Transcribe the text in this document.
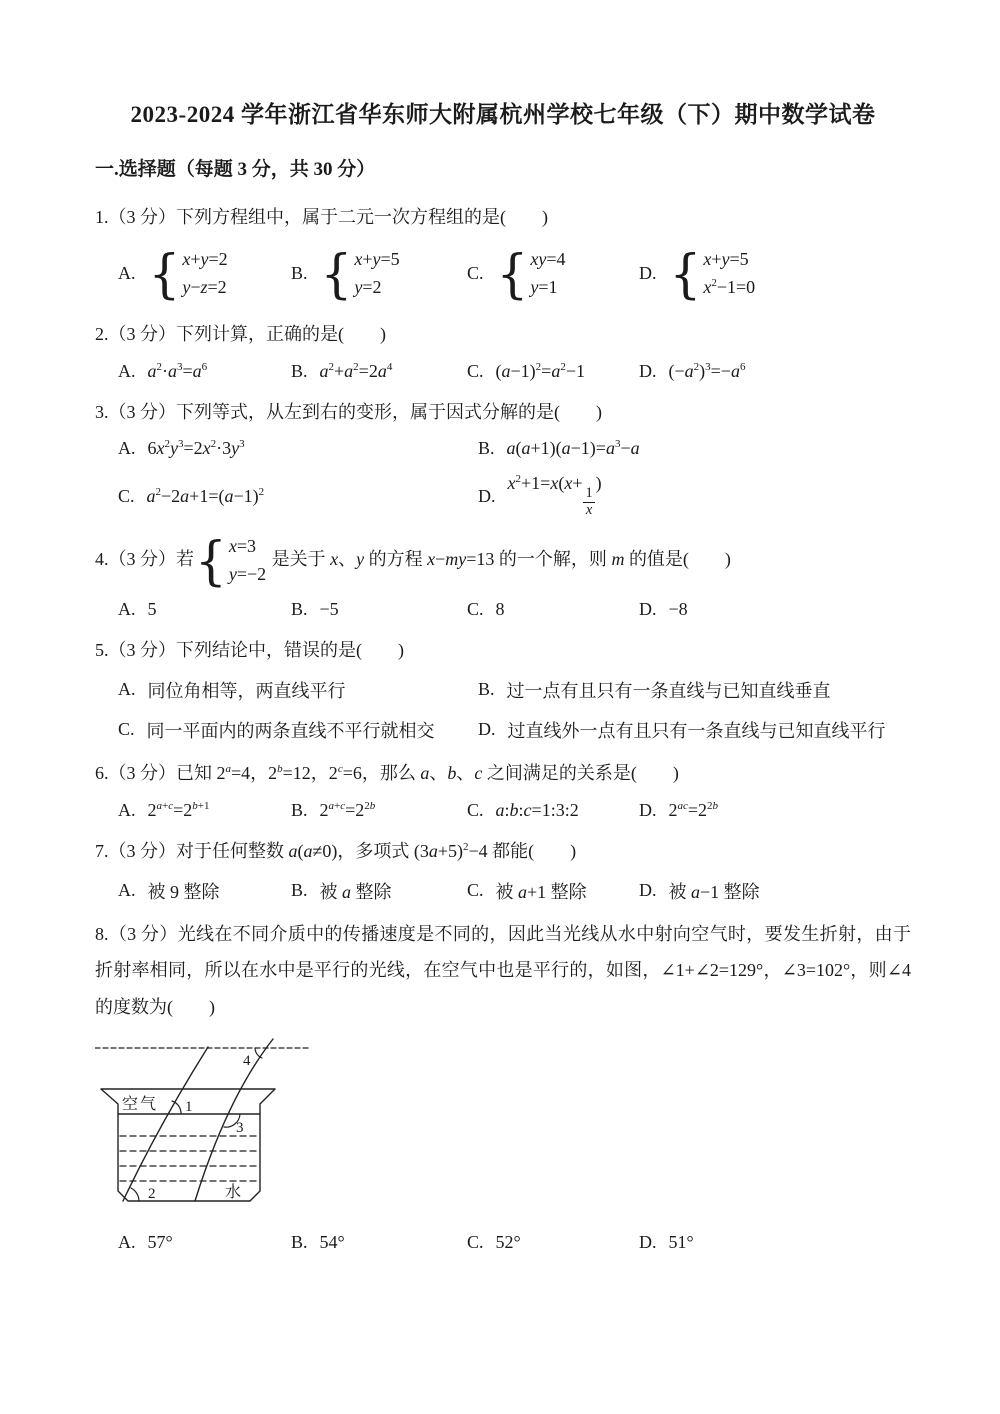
2023-2024 学年浙江省华东师大附属杭州学校七年级（下）期中数学试卷
一.选择题（每题 3 分，共 30 分）
1.（3 分）下列方程组中，属于二元一次方程组的是(　　)
A. { x+y=2
y−z=2
B. { x+y=5
y=2
C. { xy=4
y=1
D. { x+y=5
$x^2-1=0$
2.（3 分）下列计算，正确的是(　　)
A. $a^2\cdot a^3=a^6$	B. $a^2+a^2=2a^4$	C. $(a-1)^2=a^2-1$	D. $(-a^2)^3=-a^6$
3.（3 分）下列等式，从左到右的变形，属于因式分解的是(　　)
A. $6x^2y^3=2x^2\cdot 3y^3$	B. $a(a+1)(a-1)=a^3-a$
C. $a^2-2a+1=(a-1)^2$	D.
$x^2+1=x(x+$
$\frac{1}{x}$
)
4.（3 分）若 { x=3
y=−2
是关于 x、y 的方程 x−my=13 的一个解，则 m 的值是(　　)
A. 5	B. −5	C. 8	D. −8
5.（3 分）下列结论中，错误的是(　　)
A. 同位角相等，两直线平行	B. 过一点有且只有一条直线与已知直线垂直
C. 同一平面内的两条直线不平行就相交 D. 过直线外一点有且只有一条直线与已知直线平行
6.（3 分）已知 $2^a=4$，$2^b=12$，$2^c=6$，那么 a、b、c 之间满足的关系是(　　)
A. $2^{a+c}=2^{b+1}$	B. $2^{a+c}=2^{2b}$	C. a:b:c=1:3:2	D. $2^{ac}=2^{2b}$
7.（3 分）对于任何整数 a(a≠0)，多项式 $(3a+5)^2-4$ 都能(　　)
A. 被 9 整除	B. 被 a 整除	C. 被 a+1 整除	D. 被 a−1 整除
8.（3 分）光线在不同介质中的传播速度是不同的，因此当光线从水中射向空气时，要发生折射，由于折射率相同，所以在水中是平行的光线，在空气中也是平行的，如图，∠1+∠2=129°，∠3=102°，则∠4 的度数为(　　)
空气
水
1
2
3
4
A. 57°	B. 54°	C. 52°	D. 51°
